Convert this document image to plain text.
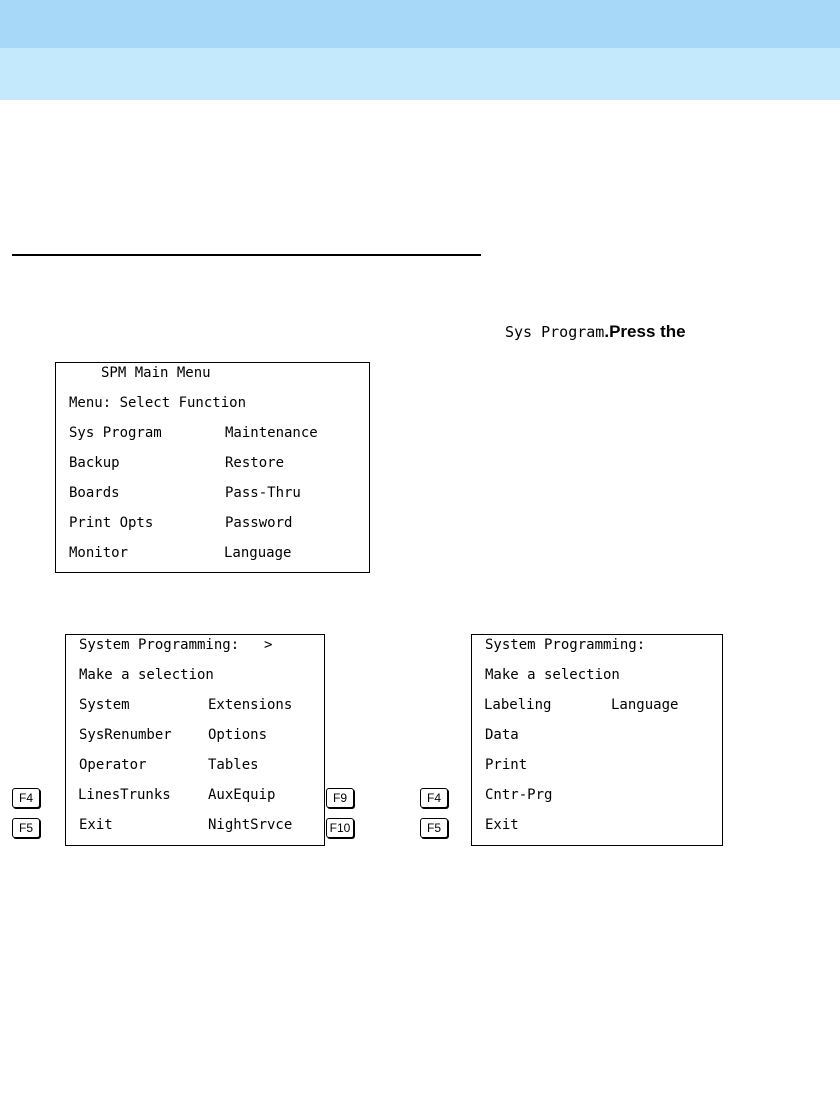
Sys Program.Press the
SPM Main Menu
Menu: Select Function
Sys Program	Maintenance
Backup	Restore
Boards	Pass-Thru
Print Opts	Password
Monitor	Language
System Programming: >
Make a selection
System	Extensions
SysRenumber	Options
Operator	Tables
LinesTrunks	AuxEquip
Exit	NightSrvce
F4
F5
F9
F10
System Programming:
Make a selection
Labeling	Language
Data
Print
Cntr-Prg
Exit
F4
F5
